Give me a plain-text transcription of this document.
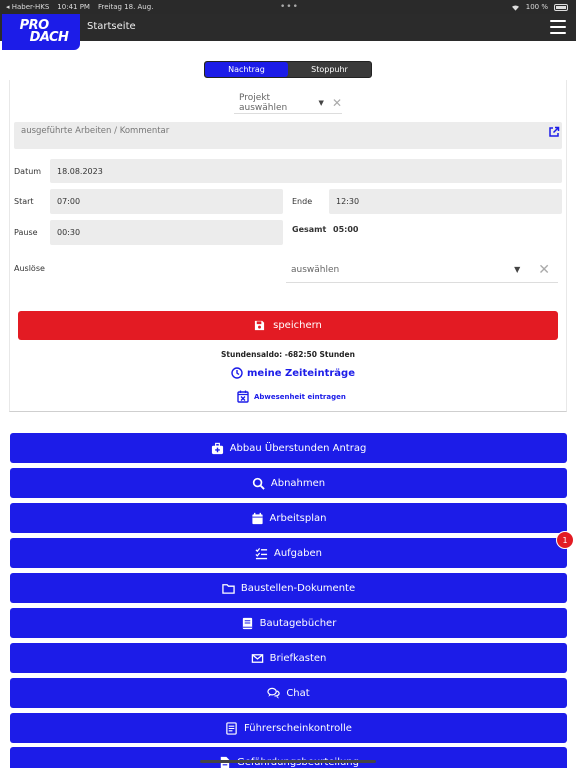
◂ Haber-HKS 10:41 PM Freitag 18. Aug.	•••	100 %
PRO
DACH
Startseite
Nachtrag	Stoppuhr
Projekt auswählen	▼ ✕
ausgeführte Arbeiten / Kommentar
Datum	18.08.2023
Start	07:00	Ende	12:30
Pause	00:30	Gesamt 05:00
Auslöse	auswählen	▼ ✕
speichern
Stundensaldo: -682:50 Stunden
meine Zeiteinträge
Abwesenheit eintragen
Abbau Überstunden Antrag
Abnahmen
Arbeitsplan
Aufgaben
Baustellen-Dokumente
Bautagebücher
Briefkasten
Chat
Führerscheinkontrolle
1
